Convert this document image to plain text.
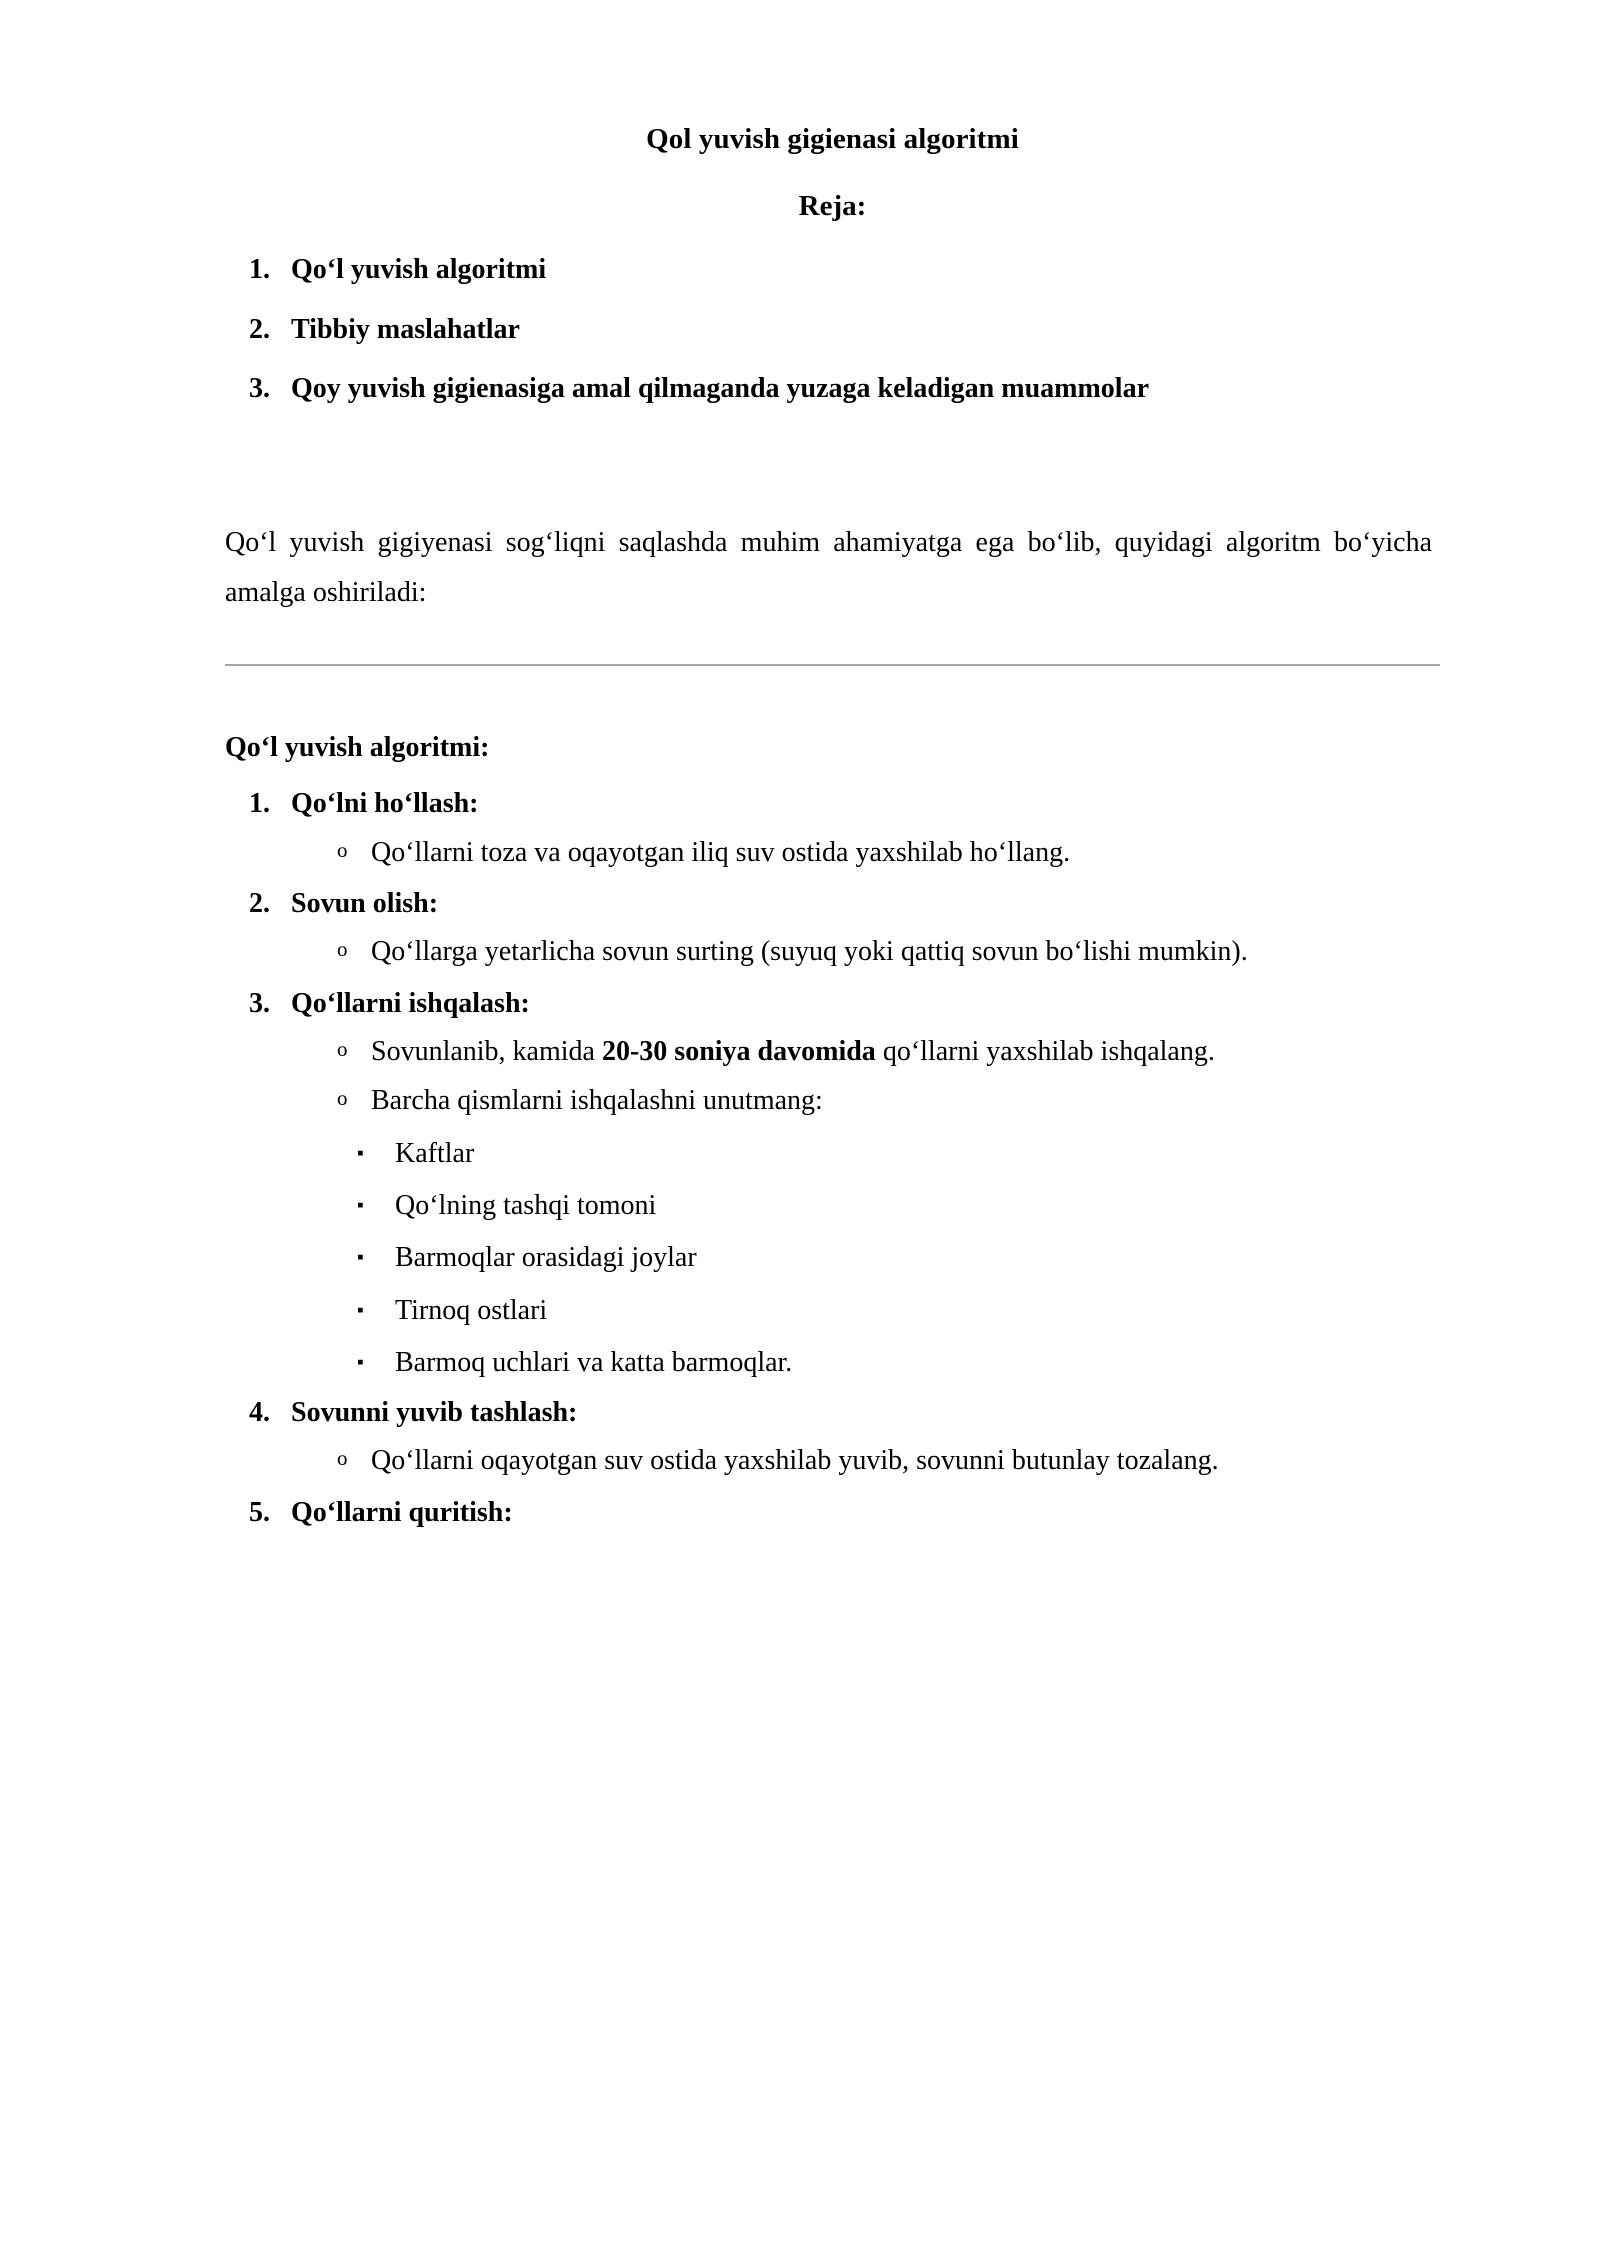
Qol yuvish gigienasi algoritmi
Reja:
1. Qo‘l yuvish algoritmi
2. Tibbiy maslahatlar
3. Qoy yuvish gigienasiga amal qilmaganda yuzaga keladigan muammolar

Qo‘l yuvish gigiyenasi sog‘liqni saqlashda muhim ahamiyatga ega bo‘lib, quyidagi algoritm bo‘yicha amalga oshiriladi:

Qo‘l yuvish algoritmi:
1. Qo‘lni ho‘llash:
o Qo‘llarni toza va oqayotgan iliq suv ostida yaxshilab ho‘llang.
2. Sovun olish:
o Qo‘llarga yetarlicha sovun surting (suyuq yoki qattiq sovun bo‘lishi mumkin).
3. Qo‘llarni ishqalash:
o Sovunlanib, kamida 20-30 soniya davomida qo‘llarni yaxshilab ishqalang.
o Barcha qismlarni ishqalashni unutmang:
▪ Kaftlar
▪ Qo‘lning tashqi tomoni
▪ Barmoqlar orasidagi joylar
▪ Tirnoq ostlari
▪ Barmoq uchlari va katta barmoqlar.
4. Sovunni yuvib tashlash:
o Qo‘llarni oqayotgan suv ostida yaxshilab yuvib, sovunni butunlay tozalang.
5. Qo‘llarni quritish:
